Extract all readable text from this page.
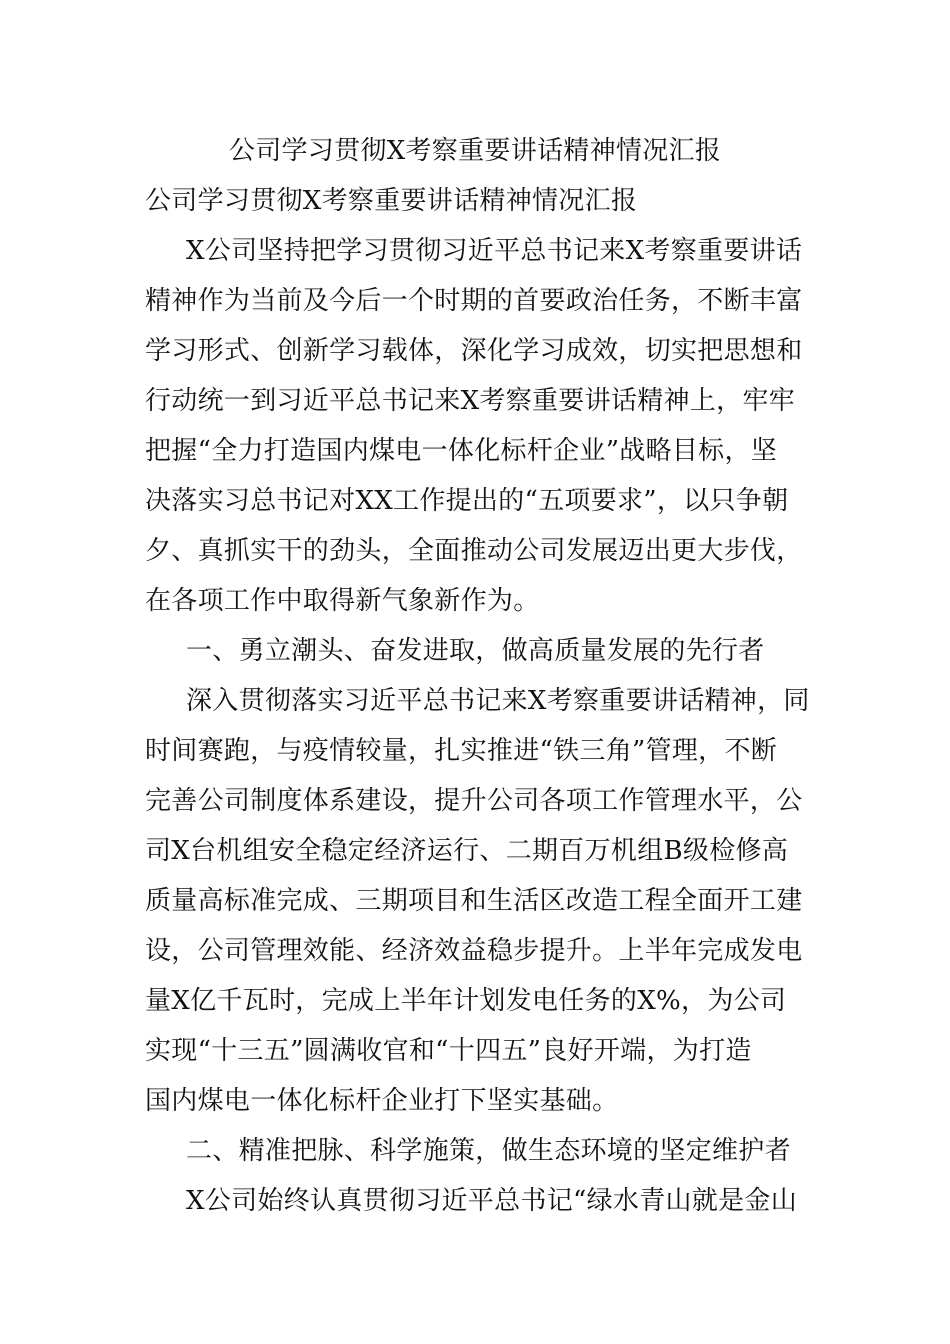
公司学习贯彻X考察重要讲话精神情况汇报
公司学习贯彻X考察重要讲话精神情况汇报
X公司坚持把学习贯彻习近平总书记来X考察重要讲话
精神作为当前及今后一个时期的首要政治任务，不断丰富
学习形式、创新学习载体，深化学习成效，切实把思想和
行动统一到习近平总书记来X考察重要讲话精神上，牢牢
把握“全力打造国内煤电一体化标杆企业”战略目标，坚
决落实习总书记对XX工作提出的“五项要求”，以只争朝
夕、真抓实干的劲头，全面推动公司发展迈出更大步伐，
在各项工作中取得新气象新作为。
一、勇立潮头、奋发进取，做高质量发展的先行者
深入贯彻落实习近平总书记来X考察重要讲话精神，同
时间赛跑，与疫情较量，扎实推进“铁三角”管理，不断
完善公司制度体系建设，提升公司各项工作管理水平，公
司X台机组安全稳定经济运行、二期百万机组B级检修高
质量高标准完成、三期项目和生活区改造工程全面开工建
设，公司管理效能、经济效益稳步提升。上半年完成发电
量X亿千瓦时，完成上半年计划发电任务的X%，为公司
实现“十三五”圆满收官和“十四五”良好开端，为打造
国内煤电一体化标杆企业打下坚实基础。
二、精准把脉、科学施策，做生态环境的坚定维护者
X公司始终认真贯彻习近平总书记“绿水青山就是金山
